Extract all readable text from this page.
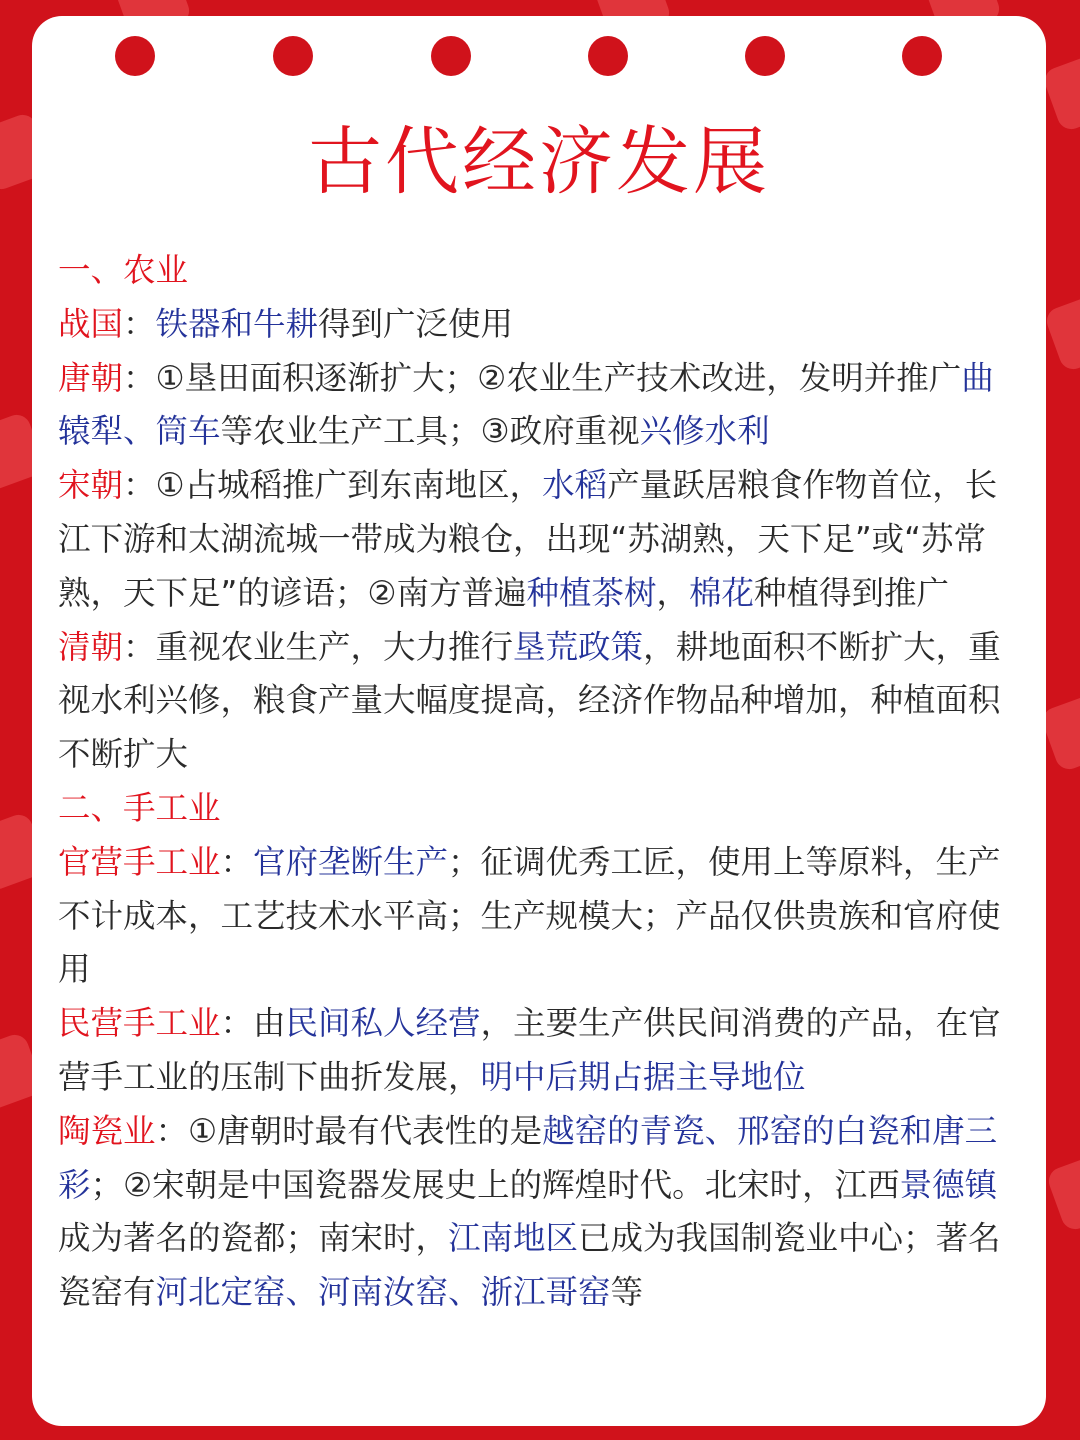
古代经济发展

一、农业

战国：铁器和牛耕得到广泛使用

唐朝：①垦田面积逐渐扩大；②农业生产技术改进，发明并推广曲辕犁、筒车等农业生产工具；③政府重视兴修水利

宋朝：①占城稻推广到东南地区，水稻产量跃居粮食作物首位，长江下游和太湖流城一带成为粮仓，出现“苏湖熟，天下足”或“苏常熟，天下足”的谚语；②南方普遍种植茶树，棉花种植得到推广

清朝：重视农业生产，大力推行垦荒政策，耕地面积不断扩大，重视水利兴修，粮食产量大幅度提高，经济作物品种增加，种植面积不断扩大

二、手工业

官营手工业：官府垄断生产；征调优秀工匠，使用上等原料，生产不计成本，工艺技术水平高；生产规模大；产品仅供贵族和官府使用

民营手工业：由民间私人经营，主要生产供民间消费的产品，在官营手工业的压制下曲折发展，明中后期占据主导地位

陶瓷业：①唐朝时最有代表性的是越窑的青瓷、邢窑的白瓷和唐三彩；②宋朝是中国瓷器发展史上的辉煌时代。北宋时，江西景德镇成为著名的瓷都；南宋时，江南地区已成为我国制瓷业中心；著名瓷窑有河北定窑、河南汝窑、浙江哥窑等
